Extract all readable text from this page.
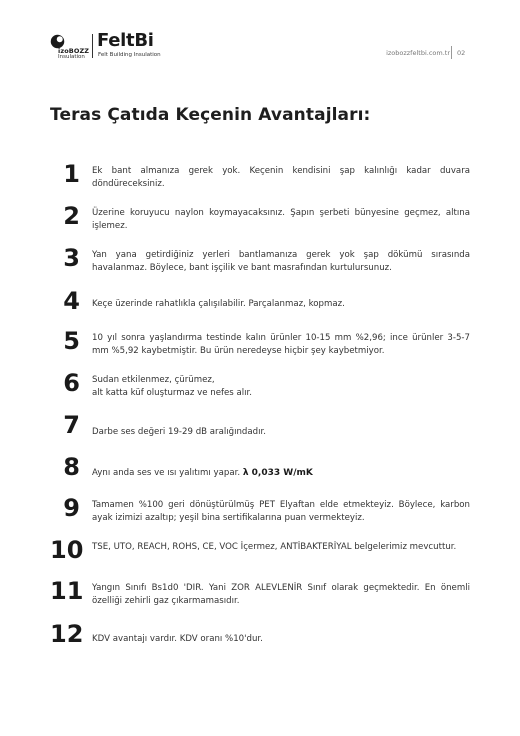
izoBOZZ
Insulation
FeltBi
Felt Building Insulation	izobozzfeltbi.com.tr 02
Teras Çatıda Keçenin Avantajları:
1 Ek bant almanıza gerek yok. Keçenin kendisini şap kalınlığı kadar duvara döndüreceksiniz.
2 Üzerine koruyucu naylon koymayacaksınız. Şapın şerbeti bünyesine geçmez, altına işlemez.
3 Yan yana getirdiğiniz yerleri bantlamanıza gerek yok şap dökümü sırasında havalanmaz. Böylece, bant işçilik ve bant masrafından kurtulursunuz.
4 Keçe üzerinde rahatlıkla çalışılabilir. Parçalanmaz, kopmaz.
5 10 yıl sonra yaşlandırma testinde kalın ürünler 10-15 mm %2,96; ince ürünler 3-5-7 mm %5,92 kaybetmiştir. Bu ürün neredeyse hiçbir şey kaybetmiyor.
6 Sudan etkilenmez, çürümez,
alt katta küf oluşturmaz ve nefes alır.
7 Darbe ses değeri 19-29 dB aralığındadır.
8 Aynı anda ses ve ısı yalıtımı yapar. λ 0,033 W/mK
9 Tamamen %100 geri dönüştürülmüş PET Elyaftan elde etmekteyiz. Böylece, karbon ayak izimizi azaltıp; yeşil bina sertifikalarına puan vermekteyiz.
10 TSE, UTO, REACH, ROHS, CE, VOC İçermez, ANTİBAKTERİYAL belgelerimiz mevcuttur.
11 Yangın Sınıfı Bs1d0 'DIR. Yani ZOR ALEVLENİR Sınıf olarak geçmektedir. En önemli özelliği zehirli gaz çıkarmamasıdır.
12 KDV avantajı vardır. KDV oranı %10'dur.
